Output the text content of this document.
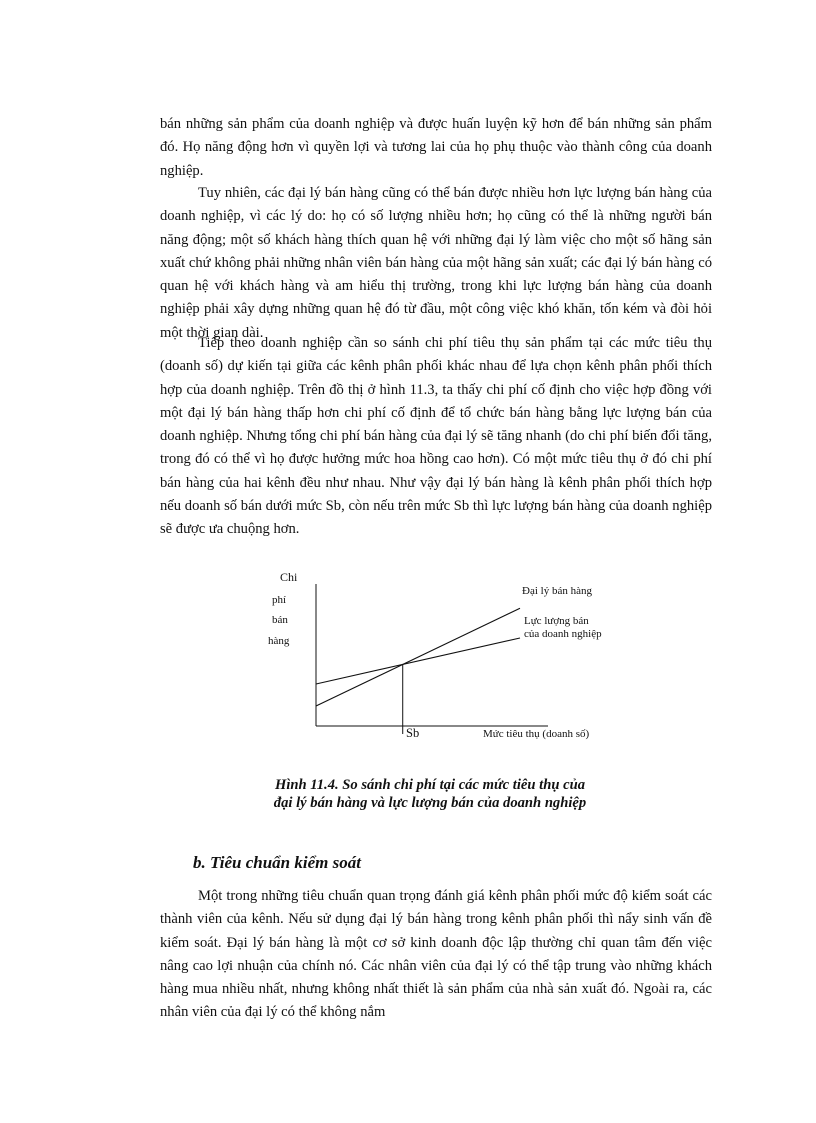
bán những sản phẩm của doanh nghiệp và được huấn luyện kỹ hơn để bán những sản phẩm đó. Họ năng động hơn vì quyền lợi và tương lai của họ phụ thuộc vào thành công của doanh nghiệp.

Tuy nhiên, các đại lý bán hàng cũng có thể bán được nhiều hơn lực lượng bán hàng của doanh nghiệp, vì các lý do: họ có số lượng nhiều hơn; họ cũng có thể là những người bán năng động; một số khách hàng thích quan hệ với những đại lý làm việc cho một số hãng sản xuất chứ không phải những nhân viên bán hàng của một hãng sản xuất; các đại lý bán hàng có quan hệ với khách hàng và am hiểu thị trường, trong khi lực lượng bán hàng của doanh nghiệp phải xây dựng những quan hệ đó từ đầu, một công việc khó khăn, tốn kém và đòi hỏi một thời gian dài.

Tiếp theo doanh nghiệp cần so sánh chi phí tiêu thụ sản phẩm tại các mức tiêu thụ (doanh số) dự kiến tại giữa các kênh phân phối khác nhau để lựa chọn kênh phân phối thích hợp của doanh nghiệp. Trên đồ thị ở hình 11.3, ta thấy chi phí cố định cho việc hợp đồng với một đại lý bán hàng thấp hơn chi phí cố định để tổ chức bán hàng bằng lực lượng bán của doanh nghiệp. Nhưng tổng chi phí bán hàng của đại lý sẽ tăng nhanh (do chi phí biến đổi tăng, trong đó có thể vì họ được hưởng mức hoa hồng cao hơn). Có một mức tiêu thụ ở đó chi phí bán hàng của hai kênh đều như nhau. Như vậy đại lý bán hàng là kênh phân phối thích hợp nếu doanh số bán dưới mức Sb, còn nếu trên mức Sb thì lực lượng bán hàng của doanh nghiệp sẽ được ưa chuộng hơn.

Chi
phí
bán
hàng
Sb	Mức tiêu thụ (doanh số)
Đại lý bán hàng
Lực lượng bán
của doanh nghiệp
Hình 11.4. So sánh chi phí tại các mức tiêu thụ của
đại lý bán hàng và lực lượng bán của doanh nghiệp
b. Tiêu chuẩn kiểm soát

Một trong những tiêu chuẩn quan trọng đánh giá kênh phân phối mức độ kiểm soát các thành viên của kênh. Nếu sử dụng đại lý bán hàng trong kênh phân phối thì nẩy sinh vấn đề kiểm soát. Đại lý bán hàng là một cơ sở kinh doanh độc lập thường chỉ quan tâm đến việc nâng cao lợi nhuận của chính nó. Các nhân viên của đại lý có thể tập trung vào những khách hàng mua nhiều nhất, nhưng không nhất thiết là sản phẩm của nhà sản xuất đó. Ngoài ra, các nhân viên của đại lý có thể không nắm
